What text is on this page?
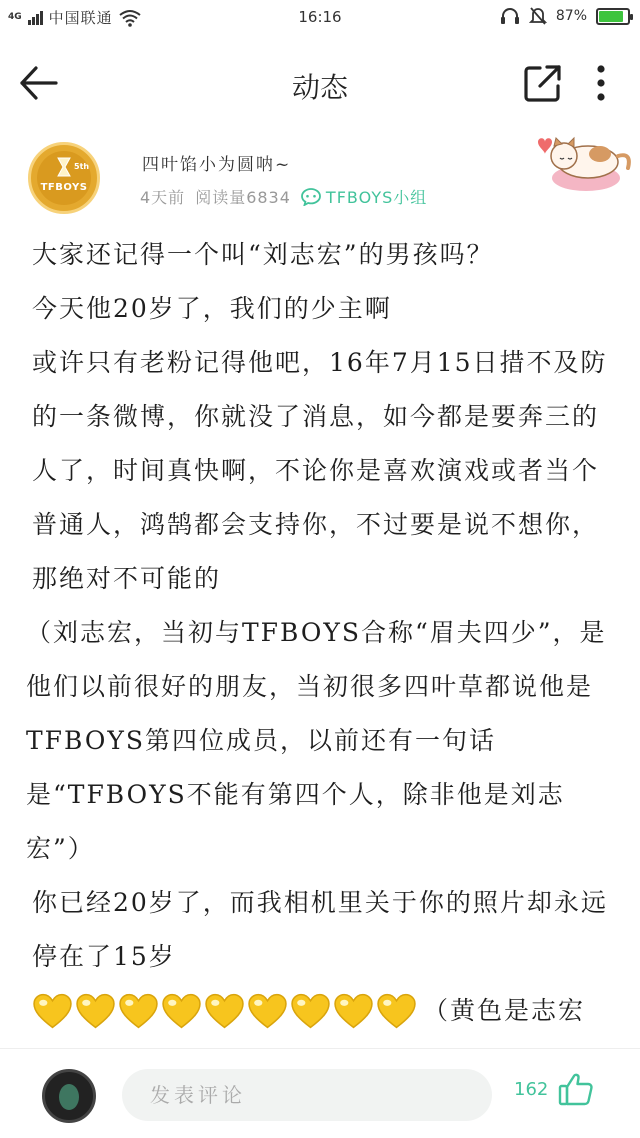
4G 中国联通	16:16	87%
动态
5th
TFBOYS
四叶馅小为圆呐~
4天前 阅读量6834 TFBOYS小组

大家还记得一个叫“刘志宏”的男孩吗？

今天他20岁了，我们的少主啊

或许只有老粉记得他吧，16年7月15日措不及防的一条微博，你就没了消息，如今都是要奔三的人了，时间真快啊，不论你是喜欢演戏或者当个普通人，鸿鹄都会支持你，不过要是说不想你，那绝对不可能的

（刘志宏，当初与TFBOYS合称“眉夫四少”，是他们以前很好的朋友，当初很多四叶草都说他是TFBOYS第四位成员，以前还有一句话是“TFBOYS不能有第四个人，除非他是刘志宏”）

你已经20岁了，而我相机里关于你的照片却永远停在了15岁

（黄色是志宏
发表评论
162
